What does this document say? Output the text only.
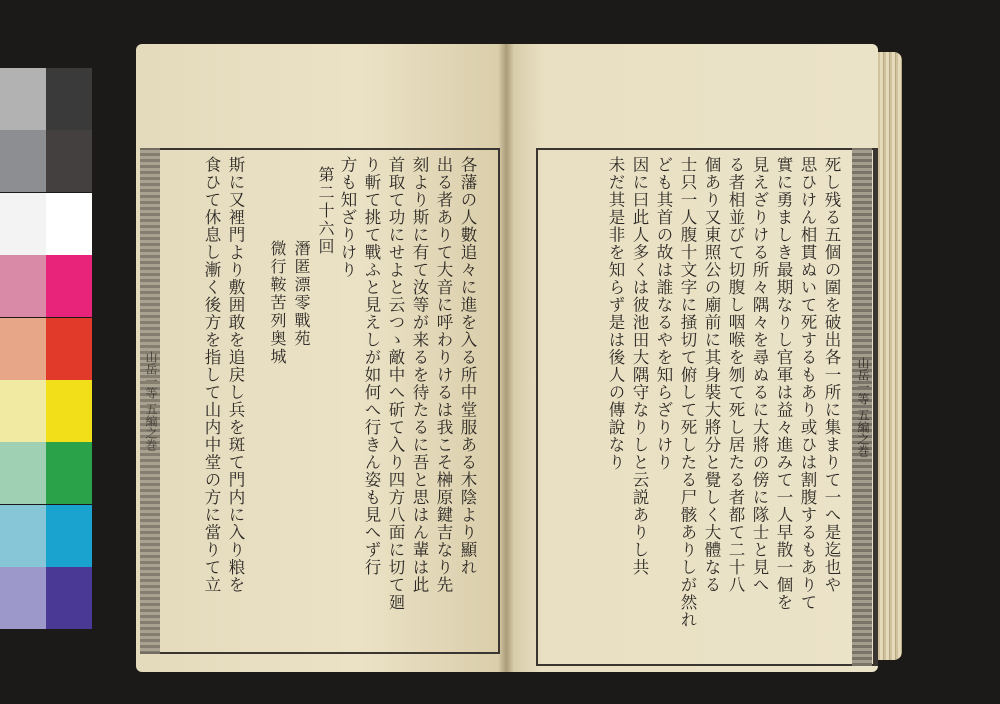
山岳一等 五編之巻	各藩の人數追々に進を入る所中堂服ある木陰より顯れ
出る者ありて大音に呼わりけるは我こそ榊原鍵吉なり先
刻より斯に有て汝等が来るを待たるに吾と思はん輩は此
首取て功にせよと云つゝ敵中へ斫て入り四方八面に切て廻
り斬て挑て戰ふと見えしが如何へ行きん姿も見へず行
方も知ざりけり
第二十六回
潛匿漂零戰苑
微行鞍苦列奥城
斯に又裡門より敷囲敢を追戻し兵を斑て門内に入り粮を
食ひて休息し漸く後方を指して山内中堂の方に當りて立	山岳一等 五編之巻
死し残る五個の圍を破出各一所に集まりて一へ是迄也や
思ひけん相貫ぬいて死するもあり或ひは割腹するもありて
實に勇ましき最期なりし官軍は益々進みて一人早散一個を
見えざりける所々隅々を尋ぬるに大將の傍に隊士と見へ
る者相並びて切腹し咽喉を刎て死し居たる者都て二十八
個あり又東照公の廟前に其身裝大將分と覺しく大體なる
士只一人腹十文字に掻切て俯して死したる尸骸ありしが然れ
ども其首の故は誰なるやを知らざりけり
因に曰此人多くは彼池田大隅守なりしと云説ありし共
未だ其是非を知らず是は後人の傳說なり
